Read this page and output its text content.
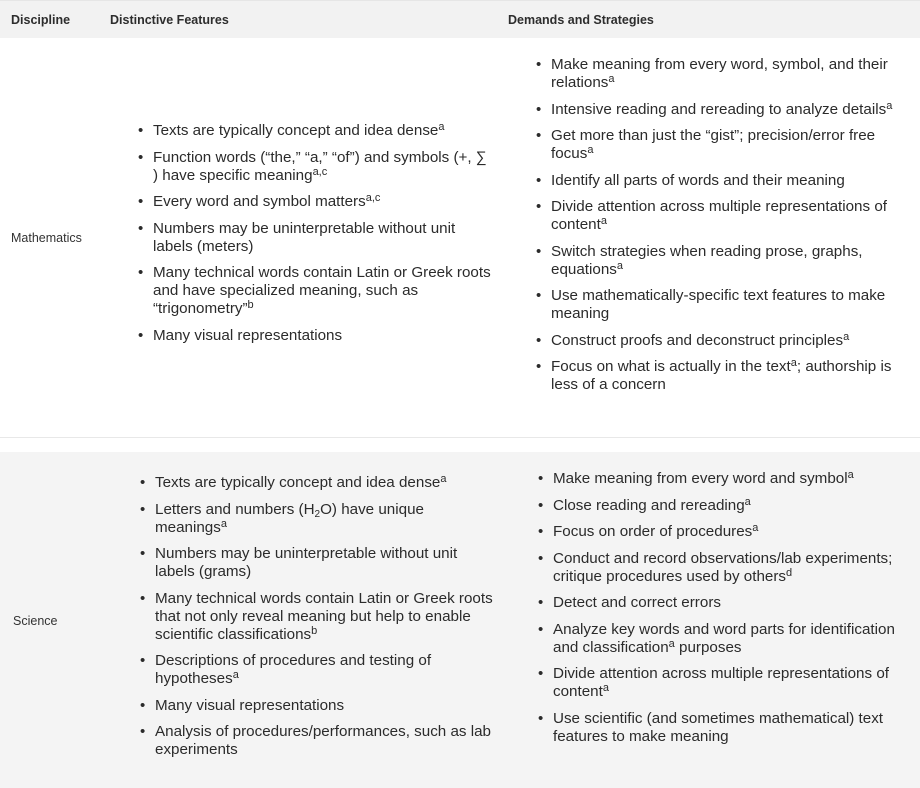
Discipline	Distinctive Features	Demands and Strategies
Mathematics
• Texts are typically concept and idea dense$^a$
• Function words (“the,” “a,” “of”) and symbols (+, ∑ ) have specific meaning$^{a,c}$
• Every word and symbol matters$^{a,c}$
• Numbers may be uninterpretable without unit labels (meters)
• Many technical words contain Latin or Greek roots and have specialized meaning, such as “trigonometry”$^b$
• Many visual representations
• Make meaning from every word, symbol, and their relations$^a$
• Intensive reading and rereading to analyze details$^a$
• Get more than just the “gist”; precision/error free focus$^a$
• Identify all parts of words and their meaning
• Divide attention across multiple representations of content$^a$
• Switch strategies when reading prose, graphs, equations$^a$
• Use mathematically-specific text features to make meaning
• Construct proofs and deconstruct principles$^a$
• Focus on what is actually in the text$^a$; authorship is less of a concern
Science
• Texts are typically concept and idea dense$^a$
• Letters and numbers $(H_2O)$ have unique meanings$^a$
• Numbers may be uninterpretable without unit labels (grams)
• Many technical words contain Latin or Greek roots that not only reveal meaning but help to enable scientific classifications$^b$
• Descriptions of procedures and testing of hypotheses$^a$
• Many visual representations
• Analysis of procedures/performances, such as lab experiments
• Make meaning from every word and symbol$^a$
• Close reading and rereading$^a$
• Focus on order of procedures$^a$
• Conduct and record observations/lab experiments; critique procedures used by others$^d$
• Detect and correct errors
• Analyze key words and word parts for identification and classification$^a$ purposes
• Divide attention across multiple representations of content$^a$
• Use scientific (and sometimes mathematical) text features to make meaning
